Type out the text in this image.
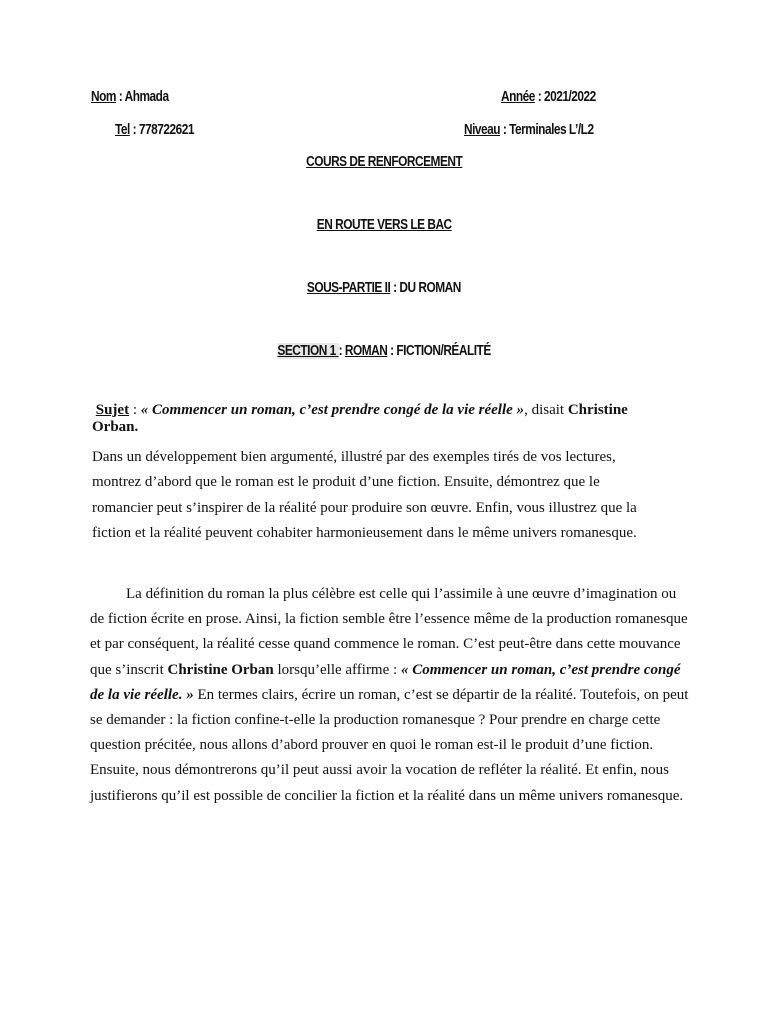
Nom : Ahmada	Année : 2021/2022
Tel : 778722621	Niveau : Terminales L’/L2
COURS DE RENFORCEMENT
EN ROUTE VERS LE BAC
SOUS-PARTIE II : DU ROMAN
SECTION 1 : ROMAN : FICTION/RÉALITÉ
Sujet : « Commencer un roman, c’est prendre congé de la vie réelle », disait Christine Orban.
Dans un développement bien argumenté, illustré par des exemples tirés de vos lectures, montrez d’abord que le roman est le produit d’une fiction. Ensuite, démontrez que le romancier peut s’inspirer de la réalité pour produire son œuvre. Enfin, vous illustrez que la fiction et la réalité peuvent cohabiter harmonieusement dans le même univers romanesque.
La définition du roman la plus célèbre est celle qui l’assimile à une œuvre d’imagination ou de fiction écrite en prose. Ainsi, la fiction semble être l’essence même de la production romanesque et par conséquent, la réalité cesse quand commence le roman. C’est peut-être dans cette mouvance que s’inscrit Christine Orban lorsqu’elle affirme : « Commencer un roman, c’est prendre congé de la vie réelle. » En termes clairs, écrire un roman, c’est se départir de la réalité. Toutefois, on peut se demander : la fiction confine-t-elle la production romanesque ? Pour prendre en charge cette question précitée, nous allons d’abord prouver en quoi le roman est-il le produit d’une fiction. Ensuite, nous démontrerons qu’il peut aussi avoir la vocation de refléter la réalité. Et enfin, nous justifierons qu’il est possible de concilier la fiction et la réalité dans un même univers romanesque.
